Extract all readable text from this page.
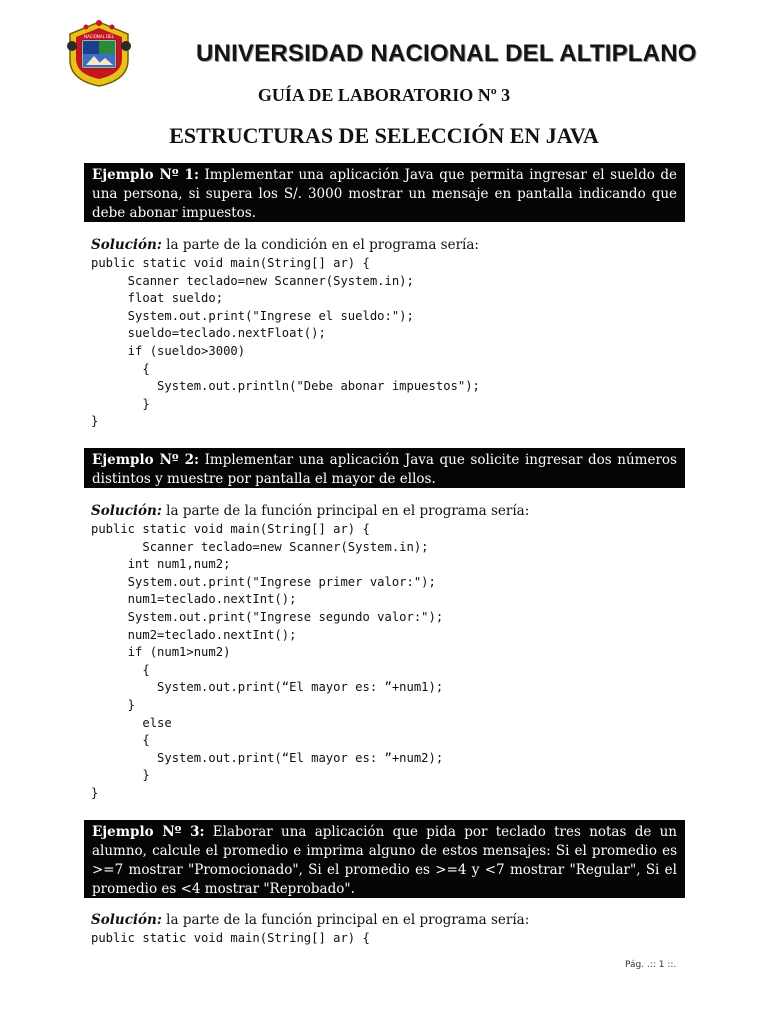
NACIONAL DEL
UNIVERSIDAD NACIONAL DEL ALTIPLANO
GUÍA DE LABORATORIO Nº 3
ESTRUCTURAS DE SELECCIÓN EN JAVA
Ejemplo Nº 1: Implementar una aplicación Java que permita ingresar el sueldo de una persona, si supera los S/. 3000 mostrar un mensaje en pantalla indicando que debe abonar impuestos.
Solución: la parte de la condición en el programa sería:
public static void main(String[] ar) {
Scanner teclado=new Scanner(System.in);
float sueldo;
System.out.print("Ingrese el sueldo:");
sueldo=teclado.nextFloat();
if (sueldo>3000)
{
System.out.println("Debe abonar impuestos");
}
}
Ejemplo Nº 2: Implementar una aplicación Java que solicite ingresar dos números distintos y muestre por pantalla el mayor de ellos.
Solución: la parte de la función principal en el programa sería:
public static void main(String[] ar) {
Scanner teclado=new Scanner(System.in);
int num1,num2;
System.out.print("Ingrese primer valor:");
num1=teclado.nextInt();
System.out.print("Ingrese segundo valor:");
num2=teclado.nextInt();
if (num1>num2)
{
System.out.print(“El mayor es: ”+num1);
}
else
{
System.out.print(“El mayor es: ”+num2);
}
}
Ejemplo Nº 3: Elaborar una aplicación que pida por teclado tres notas de un alumno, calcule el promedio e imprima alguno de estos mensajes: Si el promedio es >=7 mostrar "Promocionado", Si el promedio es >=4 y <7 mostrar "Regular", Si el promedio es <4 mostrar "Reprobado".
Solución: la parte de la función principal en el programa sería:
public static void main(String[] ar) {
Pág. .:: 1 ::.
